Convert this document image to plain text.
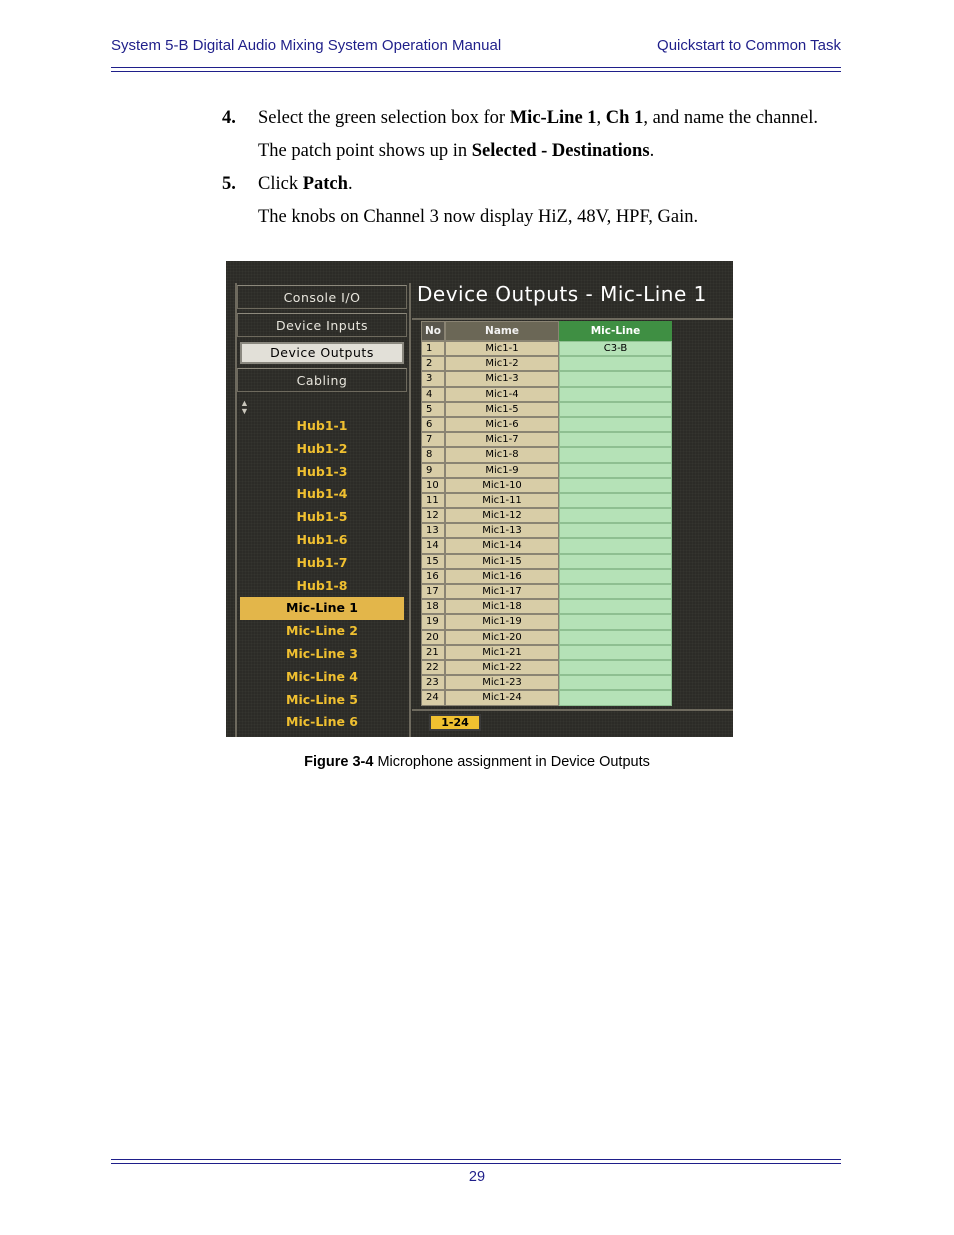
System 5-B Digital Audio Mixing System Operation Manual	Quickstart to Common Task
4. Select the green selection box for Mic-Line 1, Ch 1, and name the channel.
The patch point shows up in Selected - Destinations.
5. Click Patch.
The knobs on Channel 3 now display HiZ, 48V, HPF, Gain.
Console I/O
Device Inputs
Device Outputs
Cabling
▲
▼
Hub1-1
Hub1-2
Hub1-3
Hub1-4
Hub1-5
Hub1-6
Hub1-7
Hub1-8
Mic-Line 1
Mic-Line 2
Mic-Line 3
Mic-Line 4
Mic-Line 5
Mic-Line 6
Device Outputs - Mic-Line 1
No	Name	Mic-Line
1	Mic1-1	C3-B
2	Mic1-2
3	Mic1-3
4	Mic1-4
5	Mic1-5
6	Mic1-6
7	Mic1-7
8	Mic1-8
9	Mic1-9
10	Mic1-10
11	Mic1-11
12	Mic1-12
13	Mic1-13
14	Mic1-14
15	Mic1-15
16	Mic1-16
17	Mic1-17
18	Mic1-18
19	Mic1-19
20	Mic1-20
21	Mic1-21
22	Mic1-22
23	Mic1-23
24	Mic1-24
1-24
Figure 3-4 Microphone assignment in Device Outputs
29
